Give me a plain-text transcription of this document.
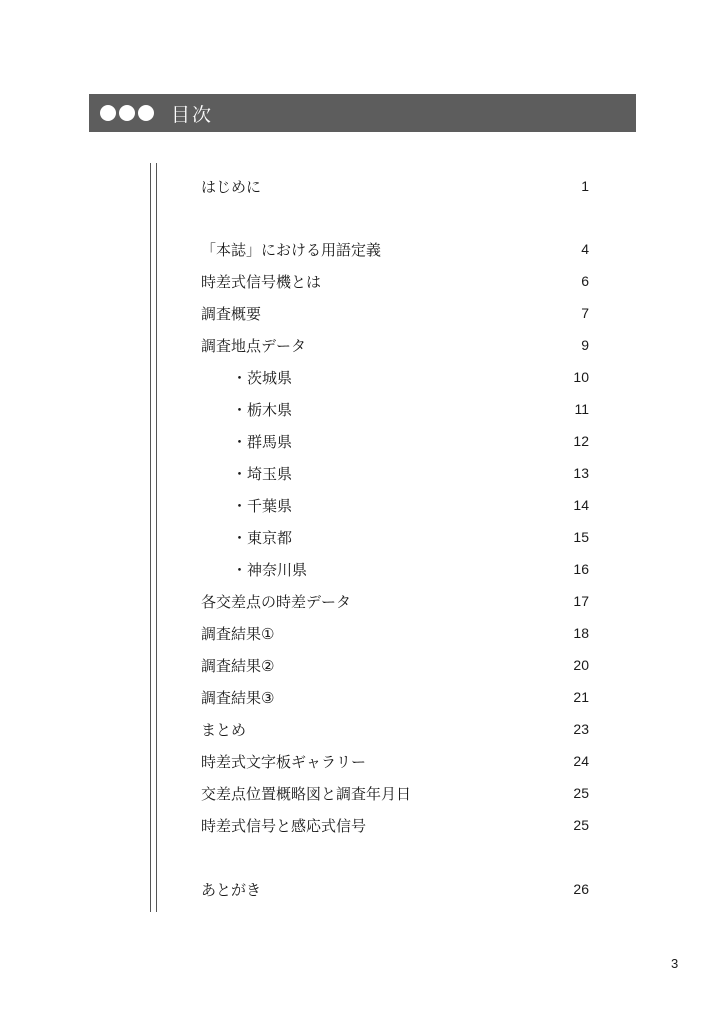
目次
はじめに	1
「本誌」における用語定義	4
時差式信号機とは	6
調査概要	7
調査地点データ	9
・茨城県	10
・栃木県	11
・群馬県	12
・埼玉県	13
・千葉県	14
・東京都	15
・神奈川県	16
各交差点の時差データ	17
調査結果①	18
調査結果②	20
調査結果③	21
まとめ	23
時差式文字板ギャラリー	24
交差点位置概略図と調査年月日	25
時差式信号と感応式信号	25
あとがき	26
3
